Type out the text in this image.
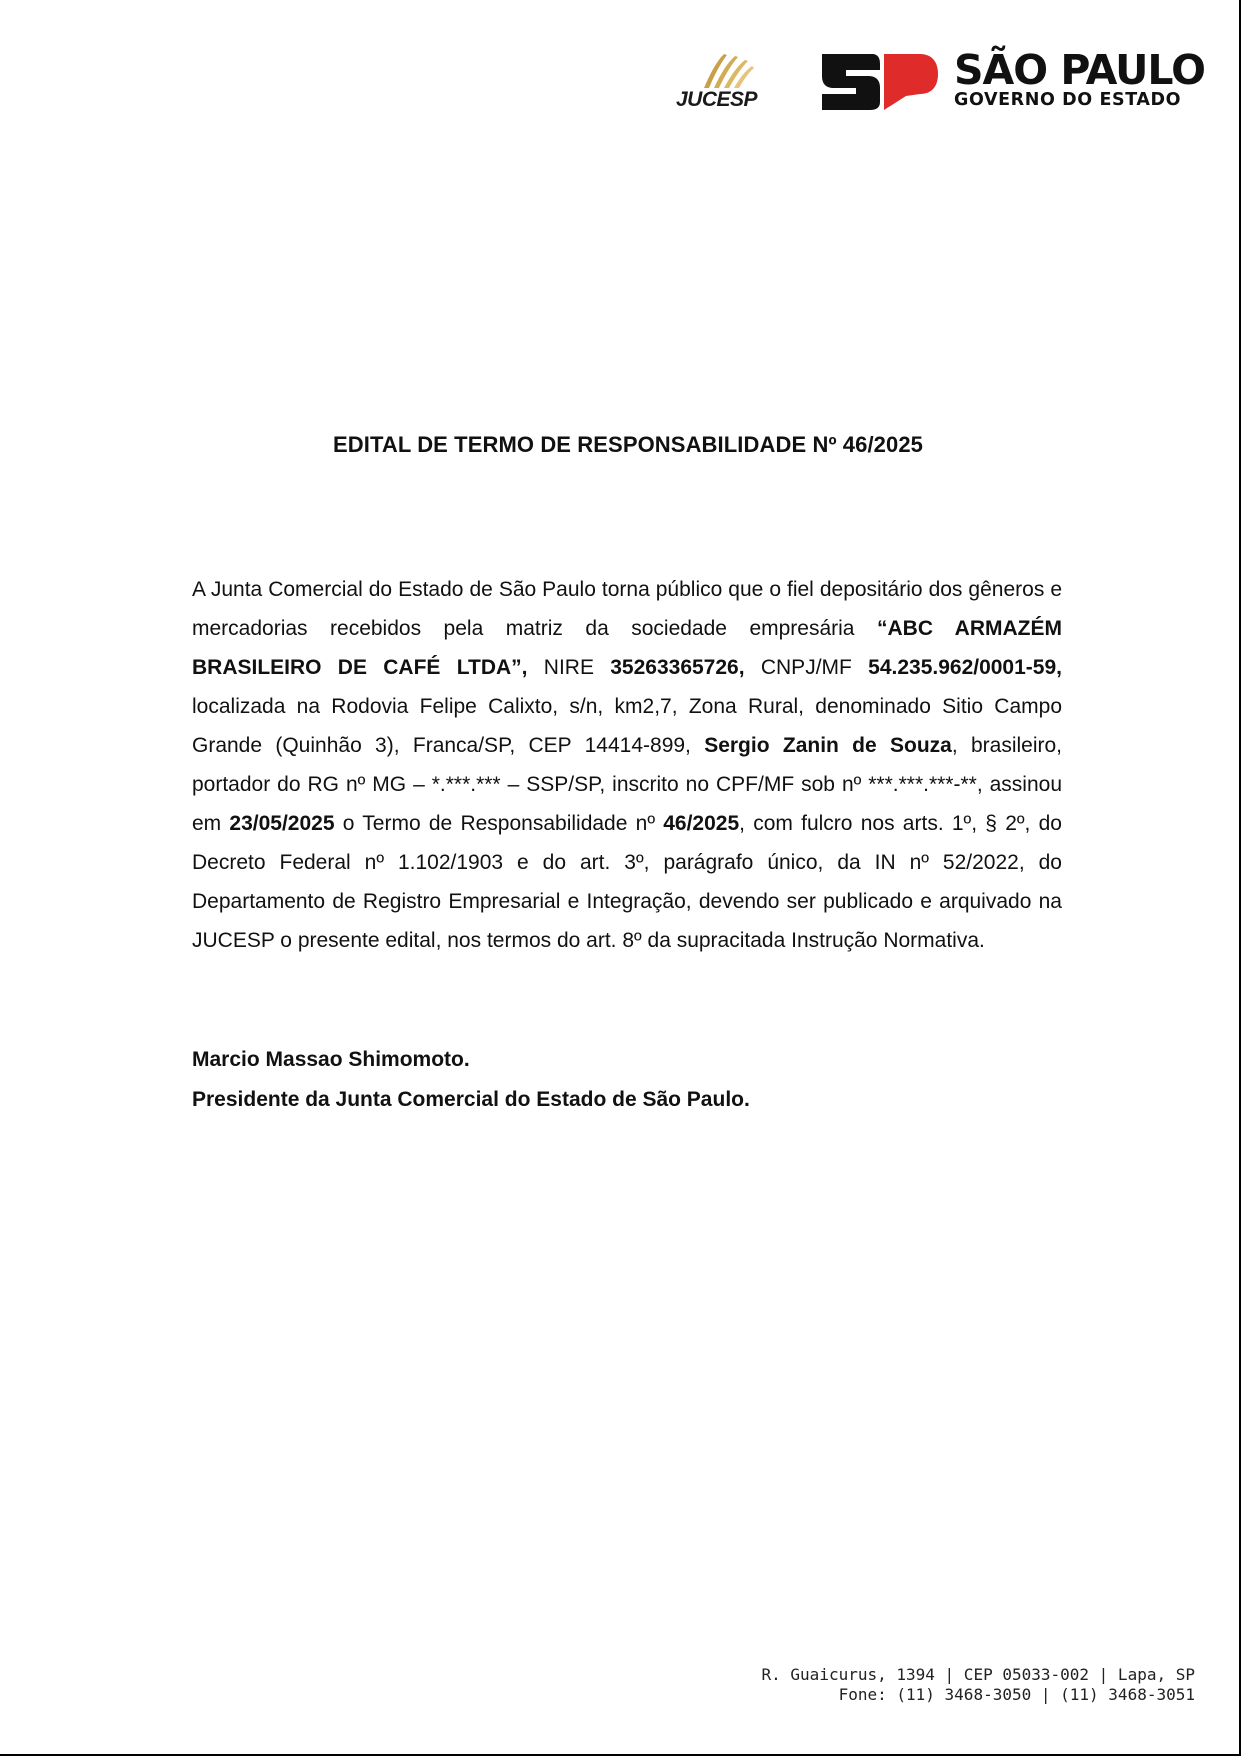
JUCESP
SÃO PAULO
GOVERNO DO ESTADO
EDITAL DE TERMO DE RESPONSABILIDADE Nº 46/2025

A Junta Comercial do Estado de São Paulo torna público que o fiel depositário dos gêneros e mercadorias recebidos pela matriz da sociedade empresária “ABC ARMAZÉM BRASILEIRO DE CAFÉ LTDA”, NIRE 35263365726, CNPJ/MF 54.235.962/0001-59, localizada na Rodovia Felipe Calixto, s/n, km2,7, Zona Rural, denominado Sitio Campo Grande (Quinhão 3), Franca/SP, CEP 14414-899, Sergio Zanin de Souza, brasileiro, portador do RG nº MG – *.***.*** – SSP/SP, inscrito no CPF/MF sob nº ***.***.***-**, assinou em 23/05/2025 o Termo de Responsabilidade nº 46/2025, com fulcro nos arts. 1º, § 2º, do Decreto Federal nº 1.102/1903 e do art. 3º, parágrafo único, da IN nº 52/2022, do Departamento de Registro Empresarial e Integração, devendo ser publicado e arquivado na JUCESP o presente edital, nos termos do art. 8º da supracitada Instrução Normativa.

Marcio Massao Shimomoto.
Presidente da Junta Comercial do Estado de São Paulo.
R. Guaicurus, 1394 | CEP 05033-002 | Lapa, SP
Fone: (11) 3468-3050 | (11) 3468-3051
